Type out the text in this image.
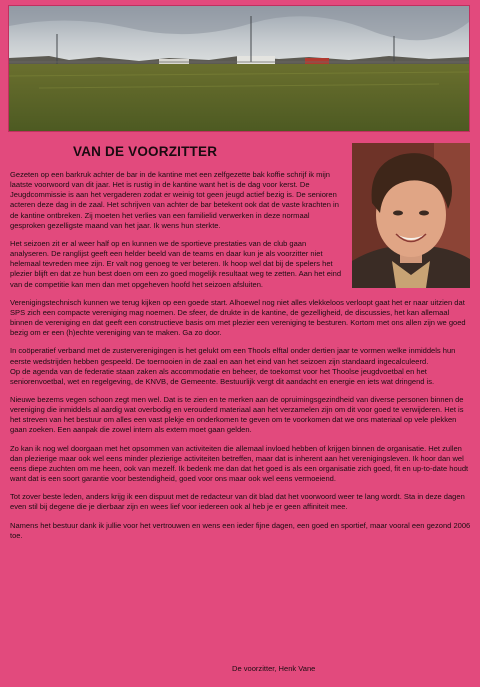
VAN DE VOORZITTER

Gezeten op een barkruk achter de bar in de kantine met een zelfgezette bak koffie schrijf ik mijn laatste voorwoord van dit jaar. Het is rustig in de kantine want het is de dag voor kerst. De Jeugdcommissie is aan het vergaderen zodat er weinig tot geen jeugd actief bezig is. De senioren acteren deze dag in de zaal. Het schrijven van achter de bar betekent ook dat de vaste krachten in de kantine ontbreken. Zij moeten het verlies van een familielid verwerken in deze normaal gesproken gezelligste maand van het jaar. Ik wens hun sterkte.

Het seizoen zit er al weer half op en kunnen we de sportieve prestaties van de club gaan analyseren. De ranglijst geeft een helder beeld van de teams en daar kun je als voorzitter niet helemaal tevreden mee zijn. Er valt nog genoeg te ver beteren. Ik hoop wel dat bij de spelers het plezier blijft en dat ze hun best doen om een zo goed mogelijk resultaat weg te zetten. Aan het eind van de competitie kan men dan met opgeheven hoofd het seizoen afsluiten.

Verenigingstechnisch kunnen we terug kijken op een goede start. Alhoewel nog niet alles vlekkeloos verloopt gaat het er naar uitzien dat SPS zich een compacte vereniging mag noemen. De sfeer, de drukte in de kantine, de gezelligheid, de discussies, het kan allemaal binnen de vereniging en dat geeft een constructieve basis om met plezier een vereniging te besturen. Kortom met ons allen zijn we goed bezig om er een (h)echte vereniging van te maken. Ga zo door.

In coöperatief verband met de zusterverenigingen is het gelukt om een Thools elftal onder dertien jaar te vormen welke inmiddels hun eerste wedstrijden hebben gespeeld. De toernooien in de zaal en aan het eind van het seizoen zijn standaard ingecalculeerd.
Op de agenda van de federatie staan zaken als accommodatie en beheer, de toekomst voor het Thoolse jeugdvoetbal en het seniorenvoetbal, wet en regelgeving, de KNVB, de Gemeente. Bestuurlijk vergt dit aandacht en energie en iets wat dringend is.

Nieuwe bezems vegen schoon zegt men wel. Dat is te zien en te merken aan de opruimingsgezindheid van diverse personen binnen de vereniging die inmiddels al aardig wat overbodig en verouderd materiaal aan het verzamelen zijn om dit voor goed te verwijderen. Het is het streven van het bestuur om alles een vast plekje en onderkomen te geven om te voorkomen dat we ons materiaal op vele plekken gaan zoeken. Een aanpak die zowel intern als extern moet gaan gelden.

Zo kan ik nog wel doorgaan met het opsommen van activiteiten die allemaal invloed hebben of krijgen binnen de organisatie. Het zullen dan plezierige maar ook wel eens minder plezierige activiteiten betreffen, maar dat is inherent aan het verenigingsleven. Ik hoor dan wel eens diepe zuchten om me heen, ook van mezelf. Ik bedenk me dan dat het goed is als een organisatie zich goed, fit en up-to-date houdt want dat is een soort garantie voor bestendigheid, goed voor ons maar ook wel eens vermoeiend.

Tot zover beste leden, anders krijg ik een dispuut met de redacteur van dit blad dat het voorwoord weer te lang wordt. Sta in deze dagen even stil bij degene die je dierbaar zijn en wees lief voor iedereen ook al heb je er geen affiniteit mee.

Namens het bestuur dank ik jullie voor het vertrouwen en wens een ieder fijne dagen, een goed en sportief, maar vooral een gezond 2006 toe.

De voorzitter, Henk Vane
